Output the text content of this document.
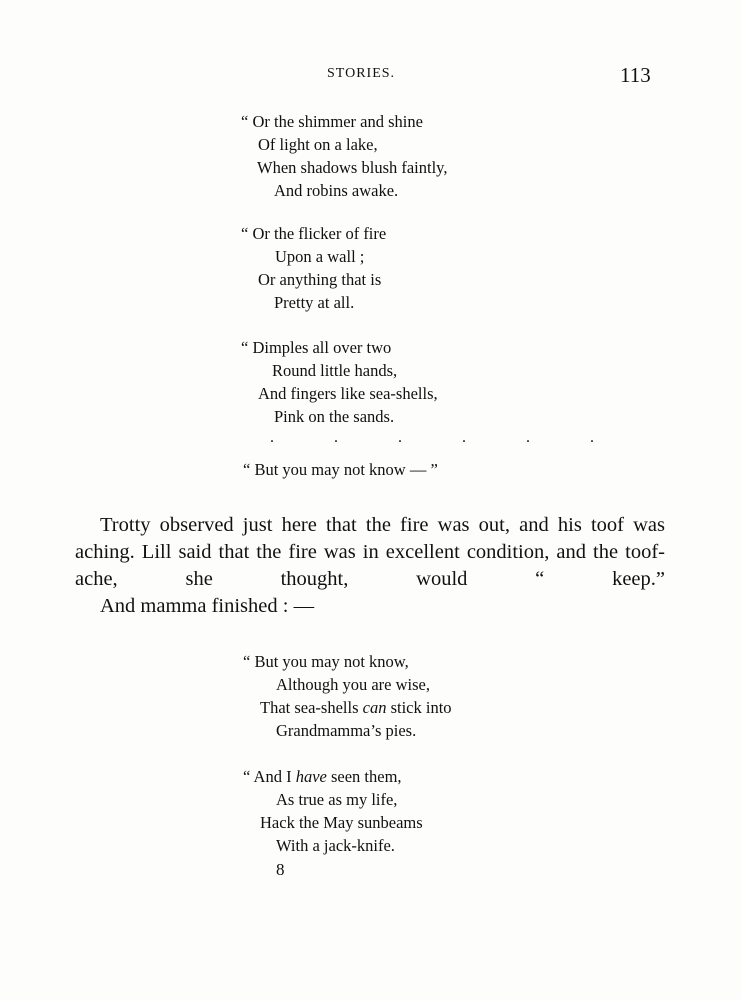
STORIES.	113
“ Or the shimmer and shine
Of light on a lake,
When shadows blush faintly,
And robins awake.
“ Or the flicker of fire
Upon a wall ;
Or anything that is
Pretty at all.
“ Dimples all over two
Round little hands,
And fingers like sea-shells,
Pink on the sands.
. . . . . .
“ But you may not know — ”

Trotty observed just here that the fire was out, and his toof was aching. Lill said that the fire was in excellent condition, and the toof-ache, she thought, would “ keep.”

And mamma finished : —

“ But you may not know,
Although you are wise,
That sea-shells can stick into
Grandmamma’s pies.
“ And I have seen them,
As true as my life,
Hack the May sunbeams
With a jack-knife.
8
